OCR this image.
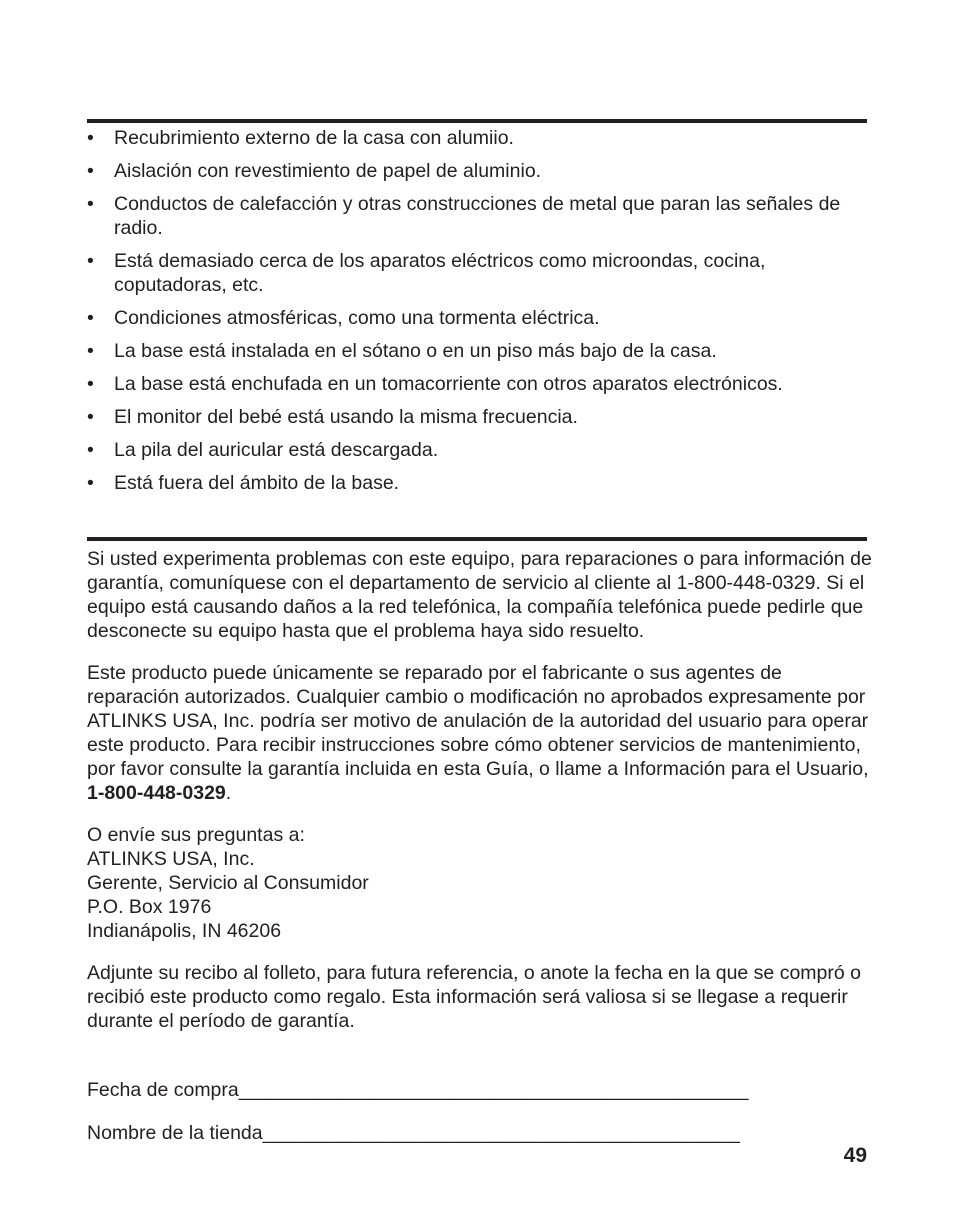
• Recubrimiento externo de la casa con alumiio.
• Aislación con revestimiento de papel de aluminio.
• Conductos de calefacción y otras construcciones de metal que paran las señales de radio.
• Está demasiado cerca de los aparatos eléctricos como microondas, cocina, coputadoras, etc.
• Condiciones atmosféricas, como una tormenta eléctrica.
• La base está instalada en el sótano o en un piso más bajo de la casa.
• La base está enchufada en un tomacorriente con otros aparatos electrónicos.
• El monitor del bebé está usando la misma frecuencia.
• La pila del auricular está descargada.
• Está fuera del ámbito de la base.

Si usted experimenta problemas con este equipo, para reparaciones o para información de garantía, comuníquese con el departamento de servicio al cliente al 1-800-448-0329. Si el equipo está causando daños a la red telefónica, la compañía telefónica puede pedirle que desconecte su equipo hasta que el problema haya sido resuelto.

Este producto puede únicamente se reparado por el fabricante o sus agentes de reparación autorizados. Cualquier cambio o modificación no aprobados expresamente por ATLINKS USA, Inc. podría ser motivo de anulación de la autoridad del usuario para operar este producto. Para recibir instrucciones sobre cómo obtener servicios de mantenimiento, por favor consulte la garantía incluida en esta Guía, o llame a Información para el Usuario, 1-800-448-0329.

O envíe sus preguntas a:
ATLINKS USA, Inc.
Gerente, Servicio al Consumidor
P.O. Box 1976
Indianápolis, IN 46206

Adjunte su recibo al folleto, para futura referencia, o anote la fecha en la que se compró o recibió este producto como regalo. Esta información será valiosa si se llegase a requerir durante el período de garantía.

Fecha de compra_______________________________________________

Nombre de la tienda____________________________________________

49
